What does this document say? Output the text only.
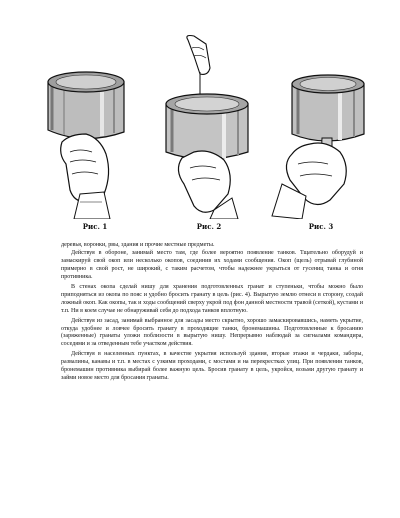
Рис. 1	Рис. 2	Рис. 3

деревья, воронки, рвы, здания и прочие местные предметы.

Действуя в обороне, занимай место там, где более вероятно появление танков. Тщательно оборудуй и замаскируй свой окоп или несколько окопов, соединив их ходами сообщения. Окоп (щель) отрывай глубиной примерно в свой рост, не широкий, с таким расчетом, чтобы надежнее укрыться от гусениц танка и огня противника.

В стенах окопа сделай нишу для хранения подготовленных гранат и ступеньки, чтобы можно было приподняться из окопа по пояс и удобно бросить гранату в цель (рис. 4). Вырытую землю отнеси в сторону, создай ложный окоп. Как окопы, так и ходы сообщений сверху укрой под фон данной местности травой (сеткой), кустами и т.п. Ни в коем случае не обнаруживай себя до подхода танков вплотную.

Действуя из засад, занимай выбранное для засады место скрытно, хорошо замаскировавшись, наметь укрытие, откуда удобнее и ловчее бросить гранату в проходящие танки, бронемашины. Подготовленные к бросанию (заряженные) гранаты уложи поблизости в вырытую нишу. Непрерывно наблюдай за сигналами командира, соседями и за отведенным тебе участком действия.

Действуя в населенных пунктах, в качестве укрытия используй здания, вторые этажи и чердаки, заборы, развалины, канавы и т.п. в местах с узкими проходами, с мостами и на перекрестках улиц. При появлении танков, бронемашин противника выбирай более важную цель. Бросив гранату в цель, укройся, возьми другую гранату и займи новое место для бросания гранаты.
